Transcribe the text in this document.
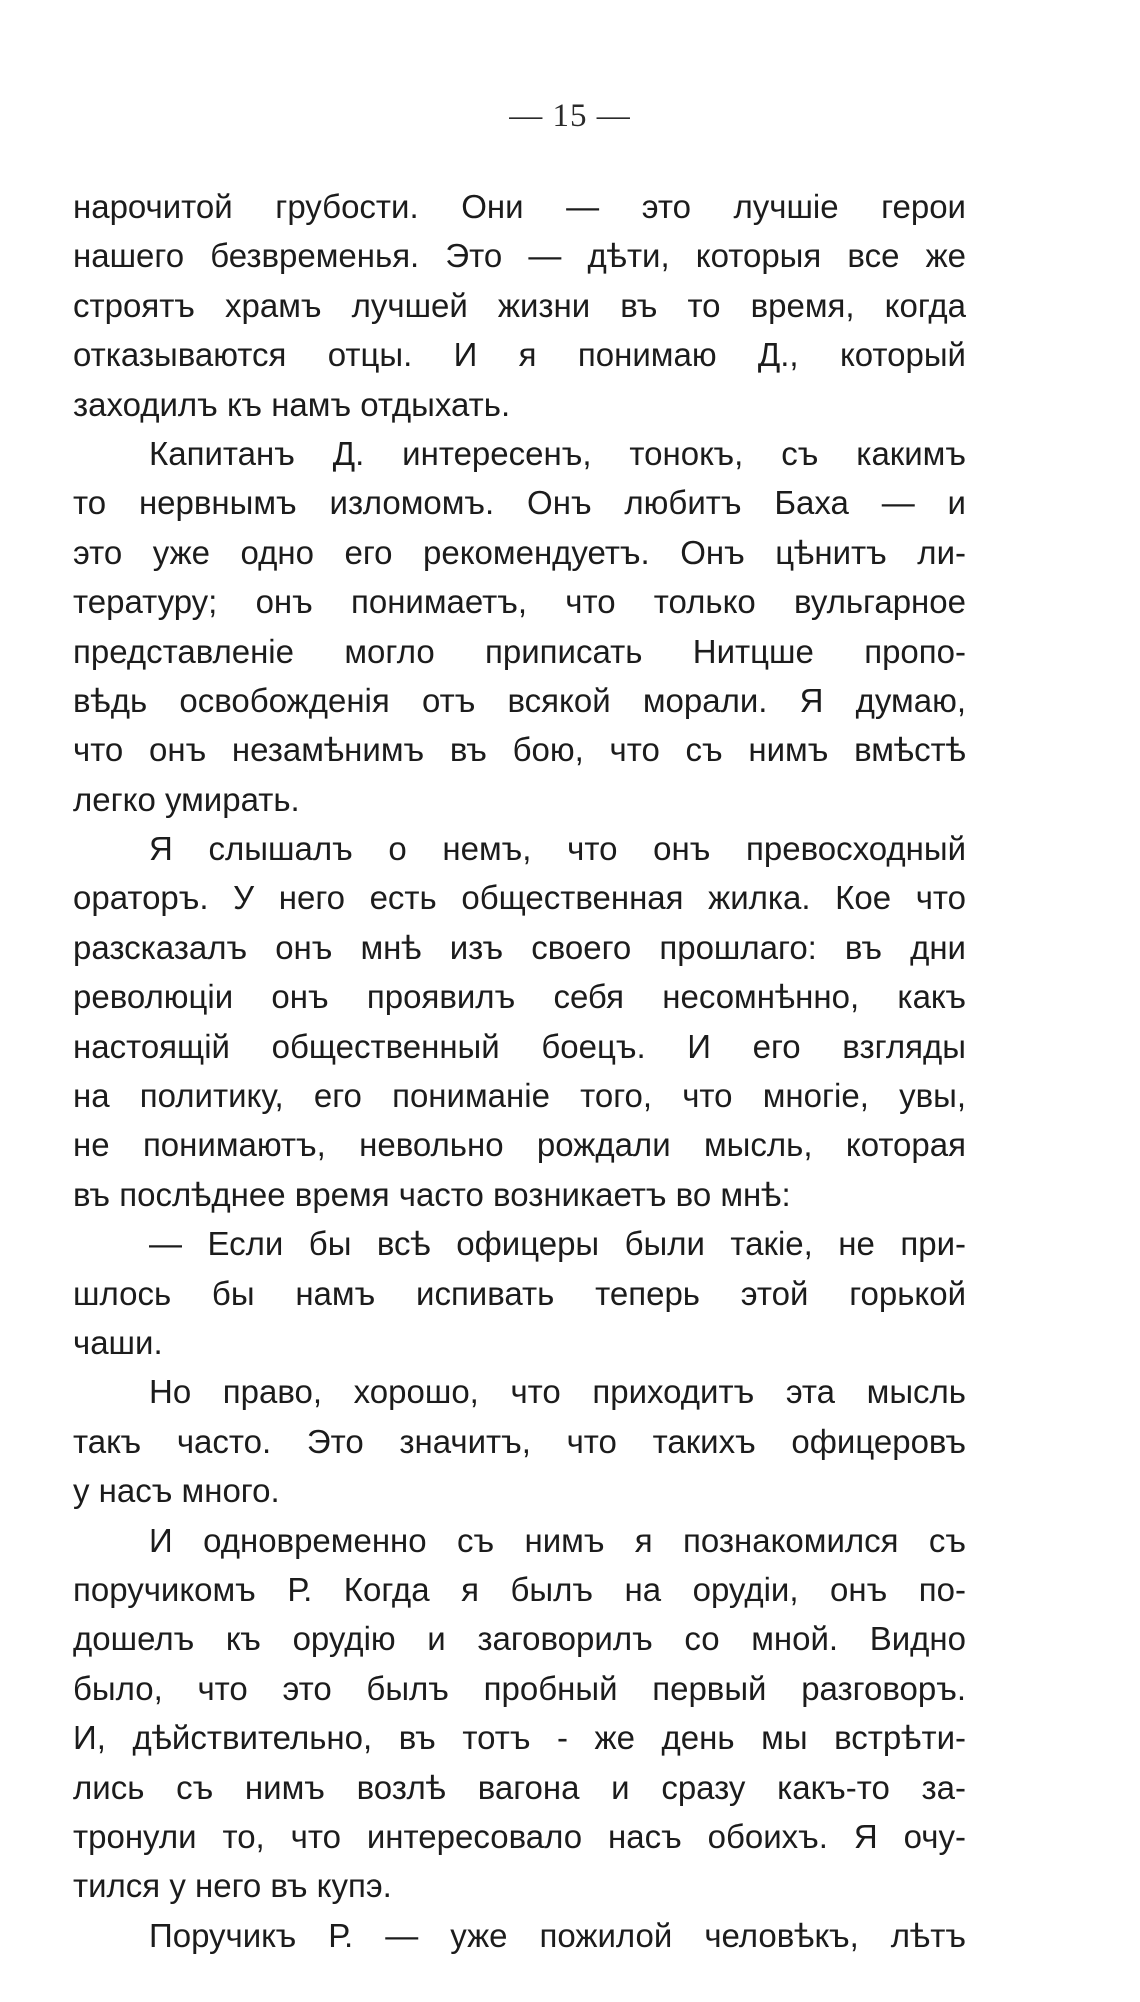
— 15 —
нарочитой грубости. Они — это лучшіе герои
нашего безвременья. Это — дѣти, которыя все же
строятъ храмъ лучшей жизни въ то время, когда
отказываются отцы. И я понимаю Д., который
заходилъ къ намъ отдыхать.
Капитанъ Д. интересенъ, тонокъ, съ какимъ
то нервнымъ изломомъ. Онъ любитъ Баха — и
это уже одно его рекомендуетъ. Онъ цѣнитъ ли-
тературу; онъ понимаетъ, что только вульгарное
представленіе могло приписать Нитцше пропо-
вѣдь освобожденія отъ всякой морали. Я думаю,
что онъ незамѣнимъ въ бою, что съ нимъ вмѣстѣ
легко умирать.
Я слышалъ о немъ, что онъ превосходный
ораторъ. У него есть общественная жилка. Кое что
разсказалъ онъ мнѣ изъ своего прошлаго: въ дни
революціи онъ проявилъ себя несомнѣнно, какъ
настоящій общественный боецъ. И его взгляды
на политику, его пониманіе того, что многіе, увы,
не понимаютъ, невольно рождали мысль, которая
въ послѣднее время часто возникаетъ во мнѣ:
— Если бы всѣ офицеры были такіе, не при-
шлось бы намъ испивать теперь этой горькой
чаши.
Но право, хорошо, что приходитъ эта мысль
такъ часто. Это значитъ, что такихъ офицеровъ
у насъ много.
И одновременно съ нимъ я познакомился съ
поручикомъ Р. Когда я былъ на орудіи, онъ по-
дошелъ къ орудію и заговорилъ со мной. Видно
было, что это былъ пробный первый разговоръ.
И, дѣйствительно, въ тотъ - же день мы встрѣти-
лись съ нимъ возлѣ вагона и сразу какъ-то за-
тронули то, что интересовало насъ обоихъ. Я очу-
тился у него въ купэ.
Поручикъ Р. — уже пожилой человѣкъ, лѣтъ
